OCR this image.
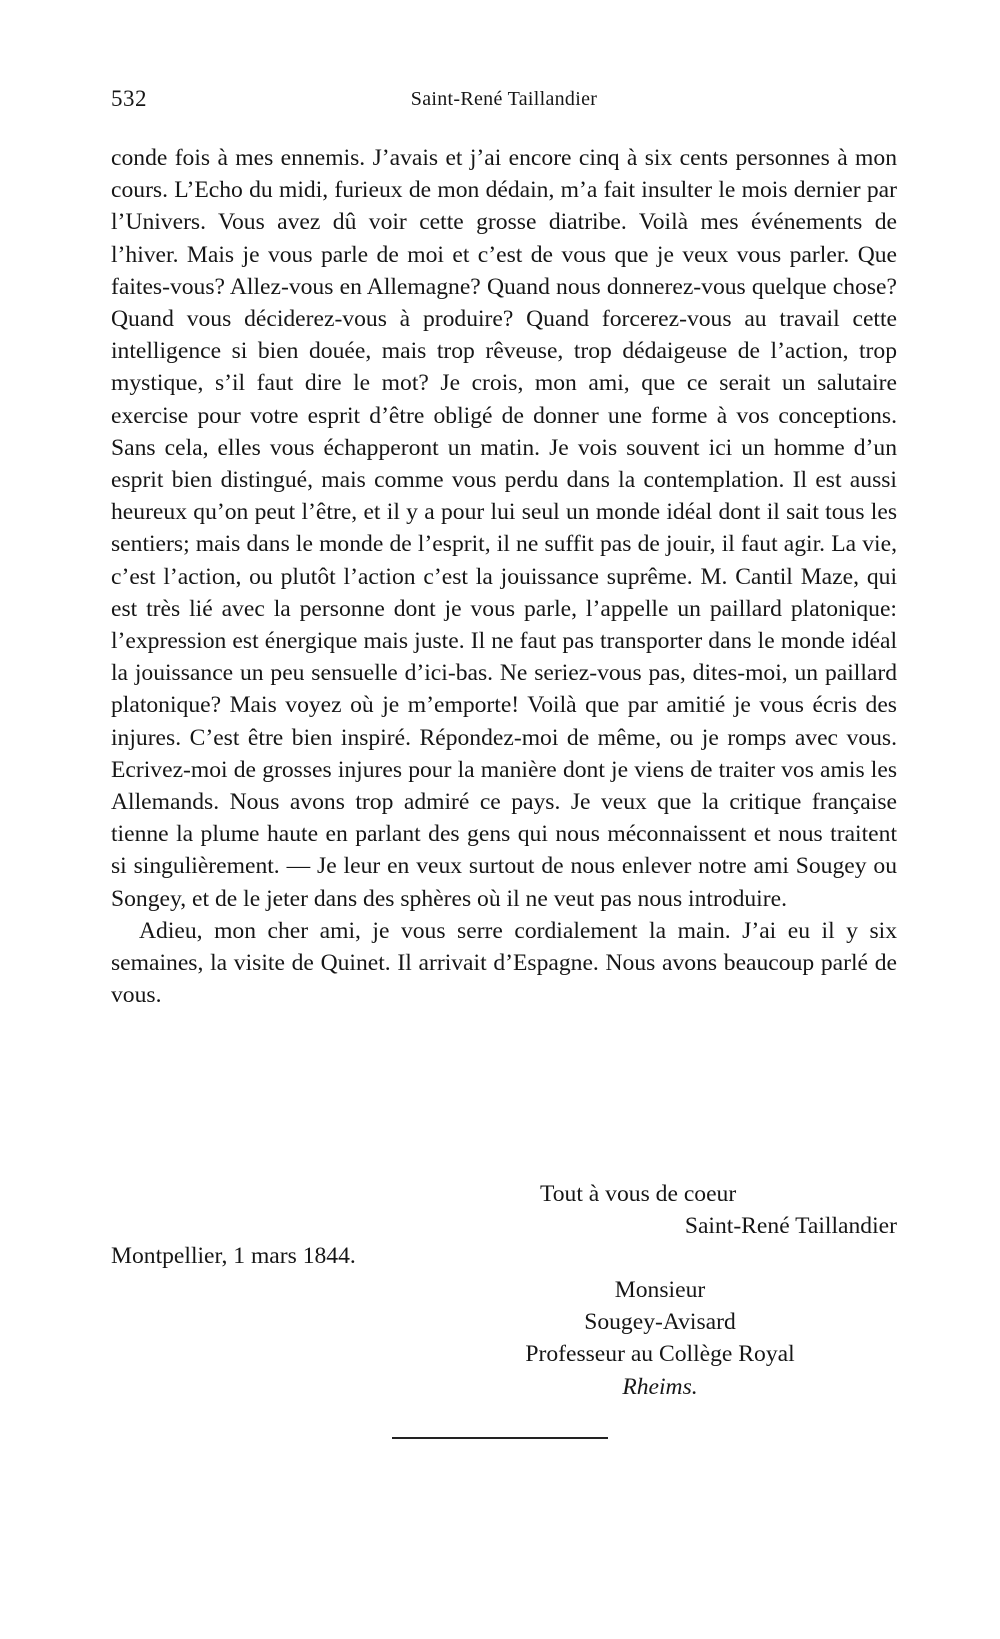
532	Saint-René Taillandier

conde fois à mes ennemis. J’avais et j’ai encore cinq à six cents personnes à mon cours. L’Echo du midi, furieux de mon dédain, m’a fait insulter le mois dernier par l’Univers. Vous avez dû voir cette grosse diatribe. Voilà mes événements de l’hiver. Mais je vous parle de moi et c’est de vous que je veux vous parler. Que faites-vous? Allez-vous en Allemagne? Quand nous donnerez-vous quelque chose? Quand vous déciderez-vous à produire? Quand forcerez-vous au travail cette intelligence si bien douée, mais trop rêveuse, trop dédaigeuse de l’action, trop mystique, s’il faut dire le mot? Je crois, mon ami, que ce serait un salutaire exercise pour votre esprit d’être obligé de donner une forme à vos conceptions. Sans cela, elles vous échapperont un matin. Je vois souvent ici un homme d’un esprit bien distingué, mais comme vous perdu dans la contemplation. Il est aussi heureux qu’on peut l’être, et il y a pour lui seul un monde idéal dont il sait tous les sentiers; mais dans le monde de l’esprit, il ne suffit pas de jouir, il faut agir. La vie, c’est l’action, ou plutôt l’action c’est la jouissance suprême. M. Cantil Maze, qui est très lié avec la personne dont je vous parle, l’appelle un paillard platonique: l’expression est énergique mais juste. Il ne faut pas transporter dans le monde idéal la jouissance un peu sensuelle d’ici-bas. Ne seriez-vous pas, dites-moi, un paillard platonique? Mais voyez où je m’emporte! Voilà que par amitié je vous écris des injures. C’est être bien inspiré. Répondez-moi de même, ou je romps avec vous. Ecrivez-moi de grosses injures pour la manière dont je viens de traiter vos amis les Allemands. Nous avons trop admiré ce pays. Je veux que la critique française tienne la plume haute en parlant des gens qui nous méconnaissent et nous traitent si singulièrement. — Je leur en veux surtout de nous enlever notre ami Sougey ou Songey, et de le jeter dans des sphères où il ne veut pas nous introduire.

Adieu, mon cher ami, je vous serre cordialement la main. J’ai eu il y six semaines, la visite de Quinet. Il arrivait d’Espagne. Nous avons beaucoup parlé de vous.

Tout à vous de coeur
Saint-René Taillandier
Montpellier, 1 mars 1844.
Monsieur
Sougey-Avisard
Professeur au Collège Royal
Rheims.
